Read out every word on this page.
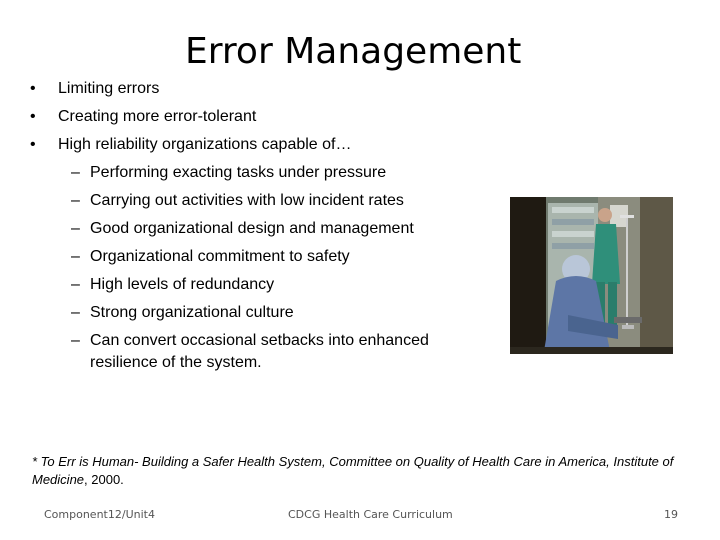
Error Management
• Limiting errors
• Creating more error-tolerant
• High reliability organizations capable of…
– Performing exacting tasks under pressure
– Carrying out activities with low incident rates
– Good organizational design and management
– Organizational commitment to safety
– High levels of redundancy
– Strong organizational culture
– Can convert occasional setbacks into enhanced resilience of the system.
* To Err is Human- Building a Safer Health System, Committee on Quality of Health Care in America, Institute of Medicine, 2000.
Component12/Unit4	CDCG Health Care Curriculum	19
